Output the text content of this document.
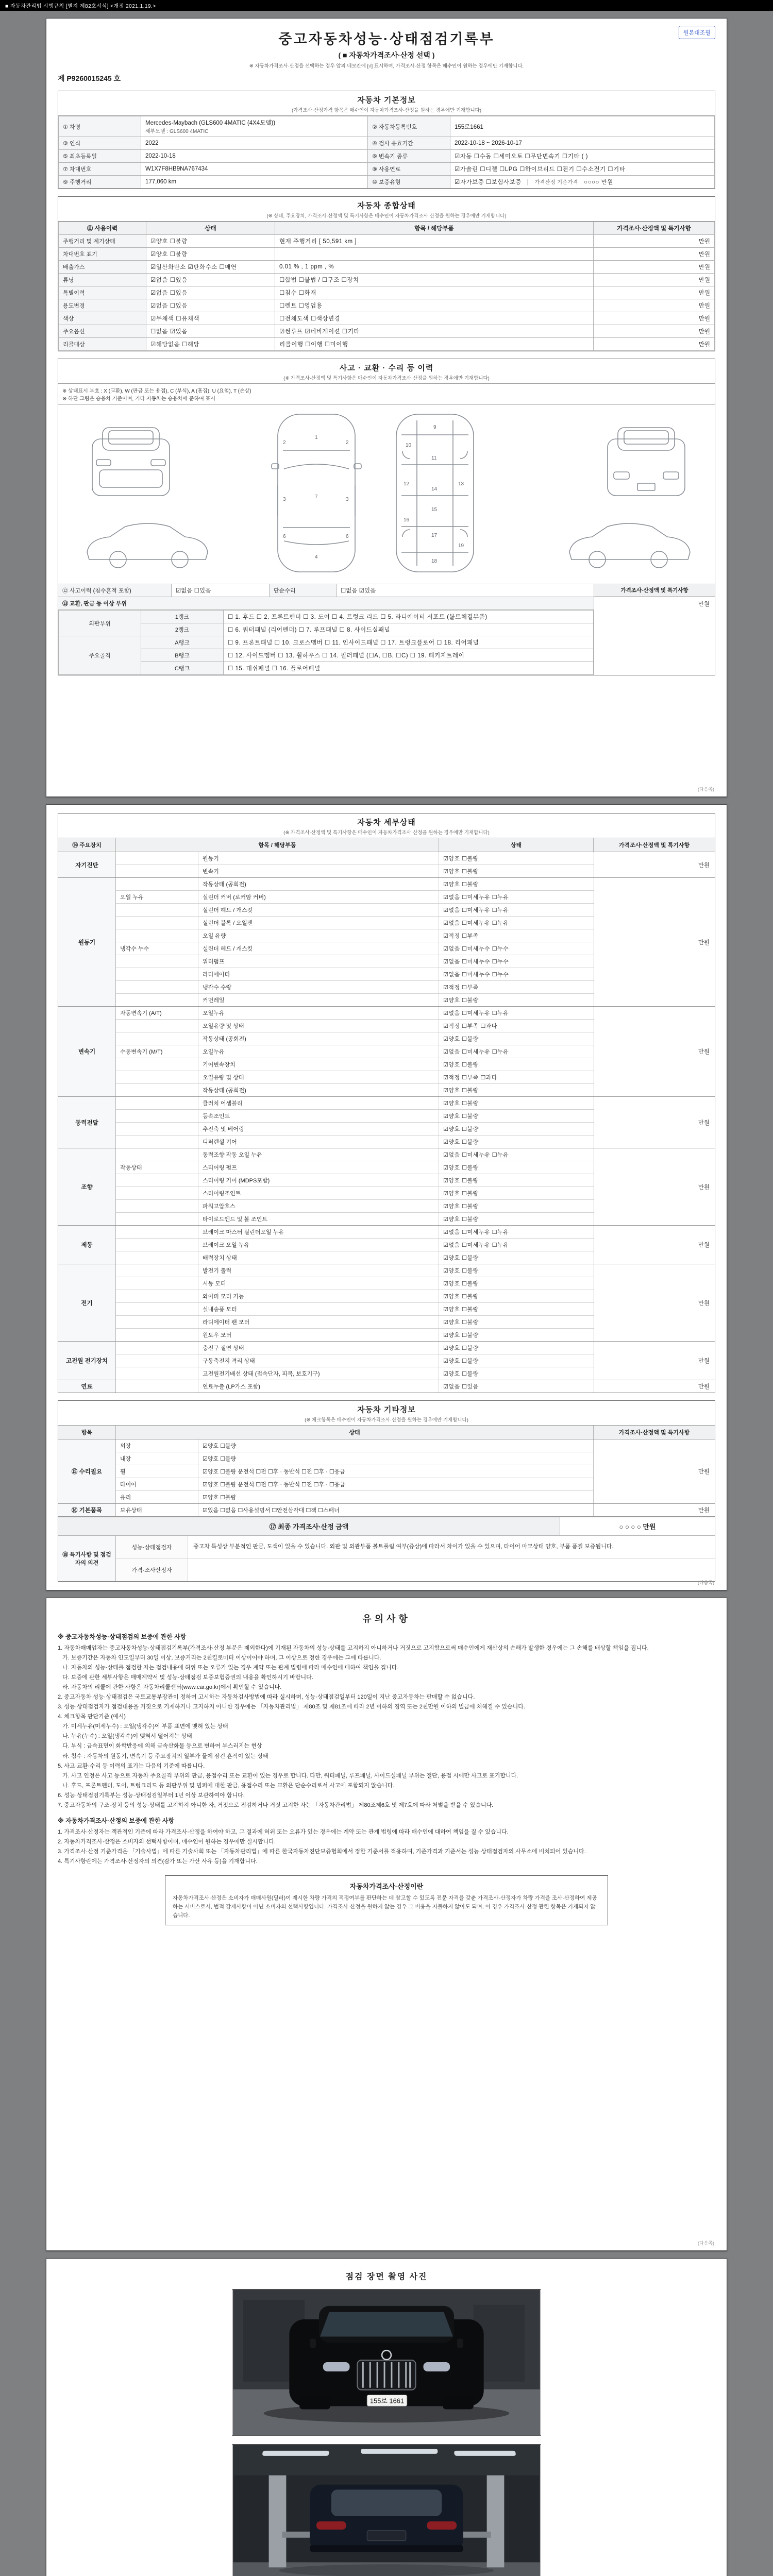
■ 자동차관리법 시행규칙 [별지 제82호서식] <개정 2021.1.19.>
원본대조필
중고자동차성능·상태점검기록부
( ■ 자동차가격조사·산정 선택 )
※ 자동차가격조사·산정을 선택하는 경우 앞의 네모칸에 [√] 표시하며, 가격조사·산정 항목은 매수인이 원하는 경우에만 기재합니다.
제 P9260015245 호
자동차 기본정보
(가격조사·산정가격 항목은 매수인이 자동차가격조사·산정을 원하는 경우에만 기재합니다)
① 차명	Mercedes-Maybach (GLS600 4MATIC (4X4모델))
세부모델 : GLS600 4MATIC	② 자동차등록번호	155로1661
③ 연식	2022	④ 검사 유효기간	2022-10-18 ~ 2026-10-17
⑤ 최초등록일	2022-10-18	⑥ 변속기 종류	☑자동 ☐수동 ☐세미오토 ☐무단변속기 ☐기타 ( )
⑦ 차대번호	W1X7F8HB9NA767434	⑧ 사용연료	☑가솔린 ☐디젤 ☐LPG ☐하이브리드 ☐전기 ☐수소전기 ☐기타
⑨ 주행거리	177,060 km	⑩ 보증유형	☑자가보증 ☐보험사보증   |   가격산정 기준가격 ○○○○ 만원
자동차 종합상태
(※ 상태, 주요장치, 가격조사·산정액 및 특기사항은 매수인이 자동차가격조사·산정을 원하는 경우에만 기재합니다)
⑪ 사용이력	상태	항목 / 해당부품	가격조사·산정액 및 특기사항
주행거리 및 계기상태	☑양호 ☐불량	현재 주행거리 [ 50,591 km ]	만원
차대번호 표기	☑양호 ☐불량		만원
배출가스	☑일산화탄소 ☑탄화수소 ☐매연	0.01 % , 1 ppm , %	만원
튜닝	☑없음 ☐있음	☐합법 ☐불법 / ☐구조 ☐장치	만원
특별이력	☑없음 ☐있음	☐침수 ☐화재	만원
용도변경	☑없음 ☐있음	☐렌트 ☐영업용	만원
색상	☑무채색 ☐유채색	☐전체도색 ☐색상변경	만원
주요옵션	☐없음 ☑있음	☑썬루프 ☑네비게이션 ☐기타	만원
리콜대상	☑해당없음 ☐해당	리콜이행 ☐이행 ☐미이행	만원
사고 · 교환 · 수리 등 이력
(※ 가격조사·산정액 및 특기사항은 매수인이 자동차가격조사·산정을 원하는 경우에만 기재합니다)
※ 상태표시 부호 : X (교환), W (판금 또는 용접), C (부식), A (흠집), U (요철), T (손상)
※ 하단 그림은 승용차 기준이며, 기타 자동차는 승용차에 준하여 표시
1
7
4
2	2
3	3
6	6
9
10
11
12	13
14
15
16
17
18
19
⑫ 사고이력 (침수흔적 포함)	☑없음 ☐있음	단순수리	☐없음 ☑있음
⑬ 교환, 판금 등 이상 부위
외판부위	1랭크	☐ 1. 후드 ☐ 2. 프론트펜더 ☐ 3. 도어 ☐ 4. 트렁크 리드 ☐ 5. 라디에이터 서포트 (볼트체결부품)
	2랭크	☐ 6. 쿼터패널 (리어펜더) ☐ 7. 루프패널 ☐ 8. 사이드실패널
주요골격	A랭크	☐ 9. 프론트패널 ☐ 10. 크로스멤버 ☐ 11. 인사이드패널 ☐ 17. 트렁크플로어 ☐ 18. 리어패널
	B랭크	☐ 12. 사이드멤버 ☐ 13. 휠하우스 ☐ 14. 필러패널 (☐A, ☐B, ☐C) ☐ 19. 패키지트레이
	C랭크	☐ 15. 대쉬패널 ☐ 16. 플로어패널
가격조사·산정액 및 특기사항
만원
(다음쪽)
자동차 세부상태
(※ 가격조사·산정액 및 특기사항은 매수인이 자동차가격조사·산정을 원하는 경우에만 기재합니다)
⑭ 주요장치	항목 / 해당부품	상태	가격조사·산정액 및 특기사항
자기진단
원동기	☑양호 ☐불량
변속기	☑양호 ☐불량
만원
원동기
작동상태 (공회전)	☑양호 ☐불량
오일 누유	실린더 커버 (로커암 커버)	☑없음 ☐미세누유 ☐누유
실린더 헤드 / 개스킷	☑없음 ☐미세누유 ☐누유
실린더 블록 / 오일팬	☑없음 ☐미세누유 ☐누유
오일 유량	☑적정 ☐부족
냉각수 누수	실린더 헤드 / 개스킷	☑없음 ☐미세누수 ☐누수
워터펌프	☑없음 ☐미세누수 ☐누수
라디에이터	☑없음 ☐미세누수 ☐누수
냉각수 수량	☑적정 ☐부족
커먼레일	☑양호 ☐불량
만원
변속기
자동변속기 (A/T)	오일누유	☑없음 ☐미세누유 ☐누유
오일유량 및 상태	☑적정 ☐부족 ☐과다
작동상태 (공회전)	☑양호 ☐불량
수동변속기 (M/T)	오일누유	☑없음 ☐미세누유 ☐누유
기어변속장치	☑양호 ☐불량
오일유량 및 상태	☑적정 ☐부족 ☐과다
작동상태 (공회전)	☑양호 ☐불량
만원
동력전달
클러치 어셈블리	☑양호 ☐불량
등속조인트	☑양호 ☐불량
추진축 및 베어링	☑양호 ☐불량
디퍼렌셜 기어	☑양호 ☐불량
만원
조향
동력조향 작동 오일 누유	☑없음 ☐미세누유 ☐누유
작동상태	스티어링 펌프	☑양호 ☐불량
스티어링 기어 (MDPS포함)	☑양호 ☐불량
스티어링조인트	☑양호 ☐불량
파워고압호스	☑양호 ☐불량
타이로드엔드 및 볼 조인트	☑양호 ☐불량
만원
제동
브레이크 마스터 실린더오일 누유	☑없음 ☐미세누유 ☐누유
브레이크 오일 누유	☑없음 ☐미세누유 ☐누유
배력장치 상태	☑양호 ☐불량
만원
전기
발전기 출력	☑양호 ☐불량
시동 모터	☑양호 ☐불량
와이퍼 모터 기능	☑양호 ☐불량
실내송풍 모터	☑양호 ☐불량
라디에이터 팬 모터	☑양호 ☐불량
윈도우 모터	☑양호 ☐불량
만원
고전원 전기장치
충전구 절연 상태	☑양호 ☐불량
구동축전지 격리 상태	☑양호 ☐불량
고전원전기배선 상태 (접속단자, 피복, 보호기구)	☑양호 ☐불량
만원
연료	연료누출 (LP가스 포함)	☑없음 ☐있음	만원
자동차 기타정보
(※ 체크항목은 매수인이 자동차가격조사·산정을 원하는 경우에만 기재합니다)
항목	상태	가격조사·산정액 및 특기사항
⑮ 수리필요
외장	☑양호 ☐불량
내장	☑양호 ☐불량
휠	☑양호 ☐불량 운전석 ☐전 ☐후 · 동반석 ☐전 ☐후 · ☐응급
타이어	☑양호 ☐불량 운전석 ☐전 ☐후 · 동반석 ☐전 ☐후 · ☐응급
유리	☑양호 ☐불량
만원
⑯ 기본품목	보유상태	☑있음 ☐없음 ☐사용설명서 ☐안전삼각대 ☐잭 ☐스패너	만원
⑰ 최종 가격조사·산정 금액	○ ○ ○ ○ 만원
⑱ 특기사항 및 점검자의 의견
성능·상태점검자	중고차 특성상 부분적인 판금, 도색이 있을 수 있습니다. 외판 및 외관부품 볼트풀림 여부(증상)에 따라서 차이가 있을 수 있으며, 타이어 마모상태 양호, 부품 품질 보증됩니다.
가격·조사산정자
(다음쪽)
유의사항
※ 중고자동차성능·상태점검의 보증에 관한 사항

1. 자동차매매업자는 중고자동차성능·상태점검기록부(가격조사·산정 부분은 제외한다)에 기재된 자동차의 성능·상태를 고지하지 아니하거나 거짓으로 고지함으로써 매수인에게 재산상의 손해가 발생한 경우에는 그 손해를 배상할 책임을 집니다.

가. 보증기간은 자동차 인도일부터 30일 이상, 보증거리는 2천킬로미터 이상이어야 하며, 그 이상으로 정한 경우에는 그에 따릅니다.

나. 자동차의 성능·상태를 점검한 자는 점검내용에 허위 또는 오류가 있는 경우 계약 또는 관계 법령에 따라 매수인에 대하여 책임을 집니다.

다. 보증에 관한 세부사항은 매매계약서 및 성능·상태점검 보증보험증권의 내용을 확인하시기 바랍니다.

라. 자동차의 리콜에 관한 사항은 자동차리콜센터(www.car.go.kr)에서 확인할 수 있습니다.

2. 중고자동차 성능·상태점검은 국토교통부장관이 정하여 고시하는 자동차검사방법에 따라 실시하며, 성능·상태점검일부터 120일이 지난 중고자동차는 판매할 수 없습니다.

3. 성능·상태점검자가 점검내용을 거짓으로 기재하거나 고지하지 아니한 경우에는 「자동차관리법」 제80조 및 제81조에 따라 2년 이하의 징역 또는 2천만원 이하의 벌금에 처해질 수 있습니다.

4. 체크항목 판단기준 (예시)

가. 미세누유(미세누수) : 오일(냉각수)이 부품 표면에 맺혀 있는 상태

나. 누유(누수) : 오일(냉각수)이 맺혀서 떨어지는 상태

다. 부식 : 금속표면이 화학반응에 의해 금속산화물 등으로 변하여 부스러지는 현상

라. 침수 : 자동차의 원동기, 변속기 등 주요장치의 일부가 물에 잠긴 흔적이 있는 상태

5. 사고·교환·수리 등 이력의 표기는 다음의 기준에 따릅니다.

가. 사고 인정은 사고 등으로 자동차 주요골격 부위의 판금, 용접수리 또는 교환이 있는 경우로 합니다. 다만, 쿼터패널, 루프패널, 사이드실패널 부위는 절단, 용접 시에만 사고로 표기합니다.

나. 후드, 프론트펜더, 도어, 트렁크리드 등 외판부위 및 범퍼에 대한 판금, 용접수리 또는 교환은 단순수리로서 사고에 포함되지 않습니다.

6. 성능·상태점검기록부는 성능·상태점검일부터 1년 이상 보관하여야 합니다.

7. 중고자동차의 구조·장치 등의 성능·상태를 고지하지 아니한 자, 거짓으로 점검하거나 거짓 고지한 자는 「자동차관리법」 제80조제6호 및 제7호에 따라 처벌을 받을 수 있습니다.

※ 자동차가격조사·산정의 보증에 관한 사항

1. 가격조사·산정자는 객관적인 기준에 따라 가격조사·산정을 하여야 하고, 그 결과에 허위 또는 오류가 있는 경우에는 계약 또는 관계 법령에 따라 매수인에 대하여 책임을 질 수 있습니다.

2. 자동차가격조사·산정은 소비자의 선택사항이며, 매수인이 원하는 경우에만 실시합니다.

3. 가격조사·산정 기준가격은 「기술사법」에 따른 기술사회 또는 「자동차관리법」에 따른 한국자동차진단보증협회에서 정한 기준서를 적용하며, 기준가격과 기준서는 성능·상태점검자의 사무소에 비치되어 있습니다.

4. 특기사항란에는 가격조사·산정자의 의견(감가 또는 가산 사유 등)을 기재합니다.

자동차가격조사·산정이란
자동차가격조사·산정은 소비자가 매매사원(딜러)이 제시한 차량 가격의 적정여부를 판단하는 데 참고할 수 있도록 전문 자격을 갖춘 가격조사·산정자가 차량 가격을 조사·산정하여 제공하는 서비스로서, 법적 강제사항이 아닌 소비자의 선택사항입니다. 가격조사·산정을 원하지 않는 경우 그 비용을 지불하지 않아도 되며, 이 경우 가격조사·산정 관련 항목은 기재되지 않습니다.
(다음쪽)
점검 장면 촬영 사진
155로 1661
